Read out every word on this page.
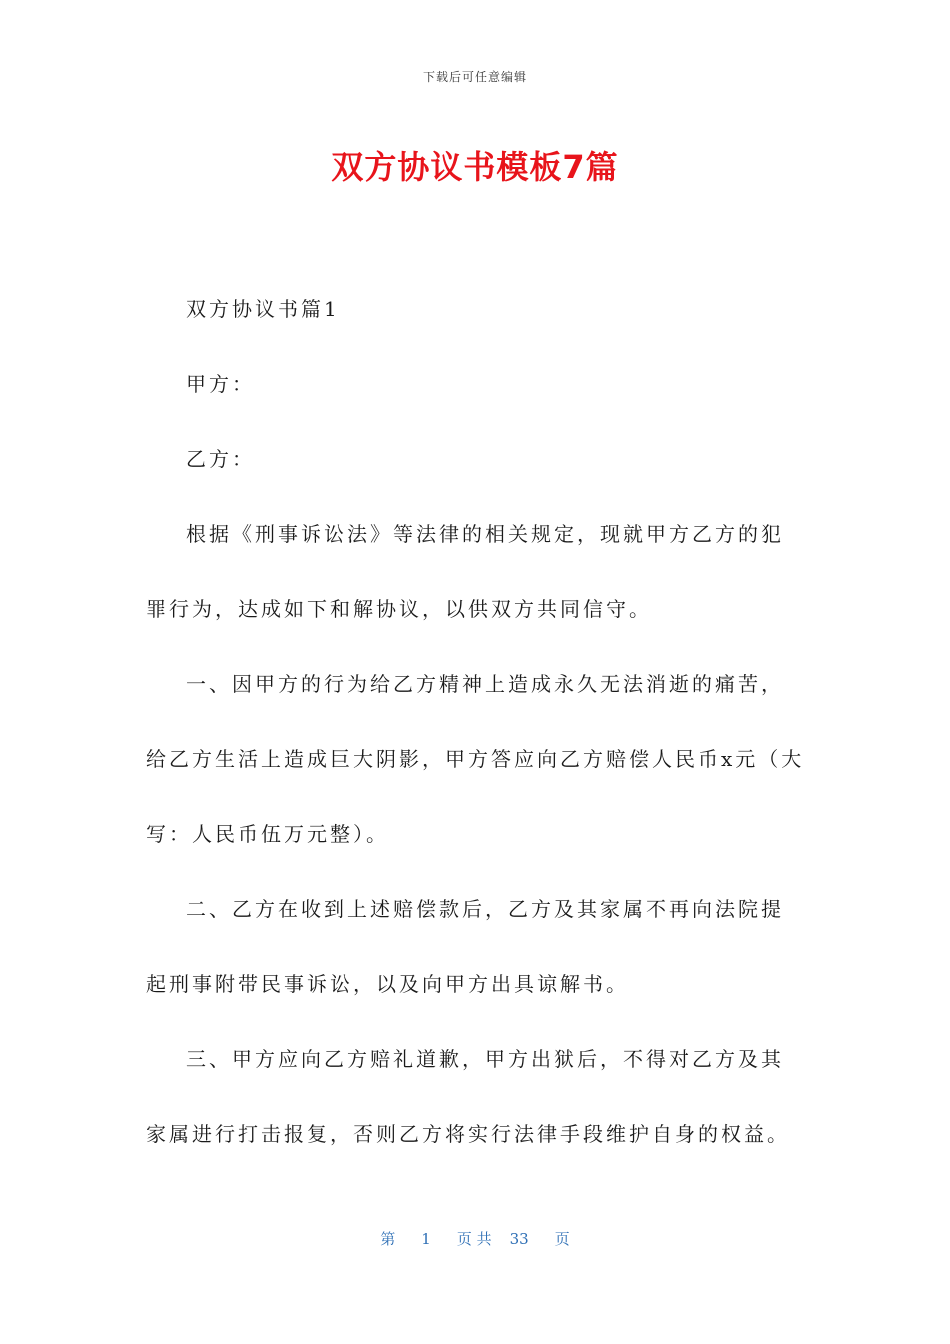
下载后可任意编辑
双方协议书模板7篇

双方协议书篇1

甲方：

乙方：

根据《刑事诉讼法》等法律的相关规定，现就甲方乙方的犯罪行为，达成如下和解协议，以供双方共同信守。

一、因甲方的行为给乙方精神上造成永久无法消逝的痛苦，给乙方生活上造成巨大阴影，甲方答应向乙方赔偿人民币x元（大写：人民币伍万元整）。

二、乙方在收到上述赔偿款后，乙方及其家属不再向法院提起刑事附带民事诉讼，以及向甲方出具谅解书。

三、甲方应向乙方赔礼道歉，甲方出狱后，不得对乙方及其家属进行打击报复，否则乙方将实行法律手段维护自身的权益。

第 1 页 共 33 页
